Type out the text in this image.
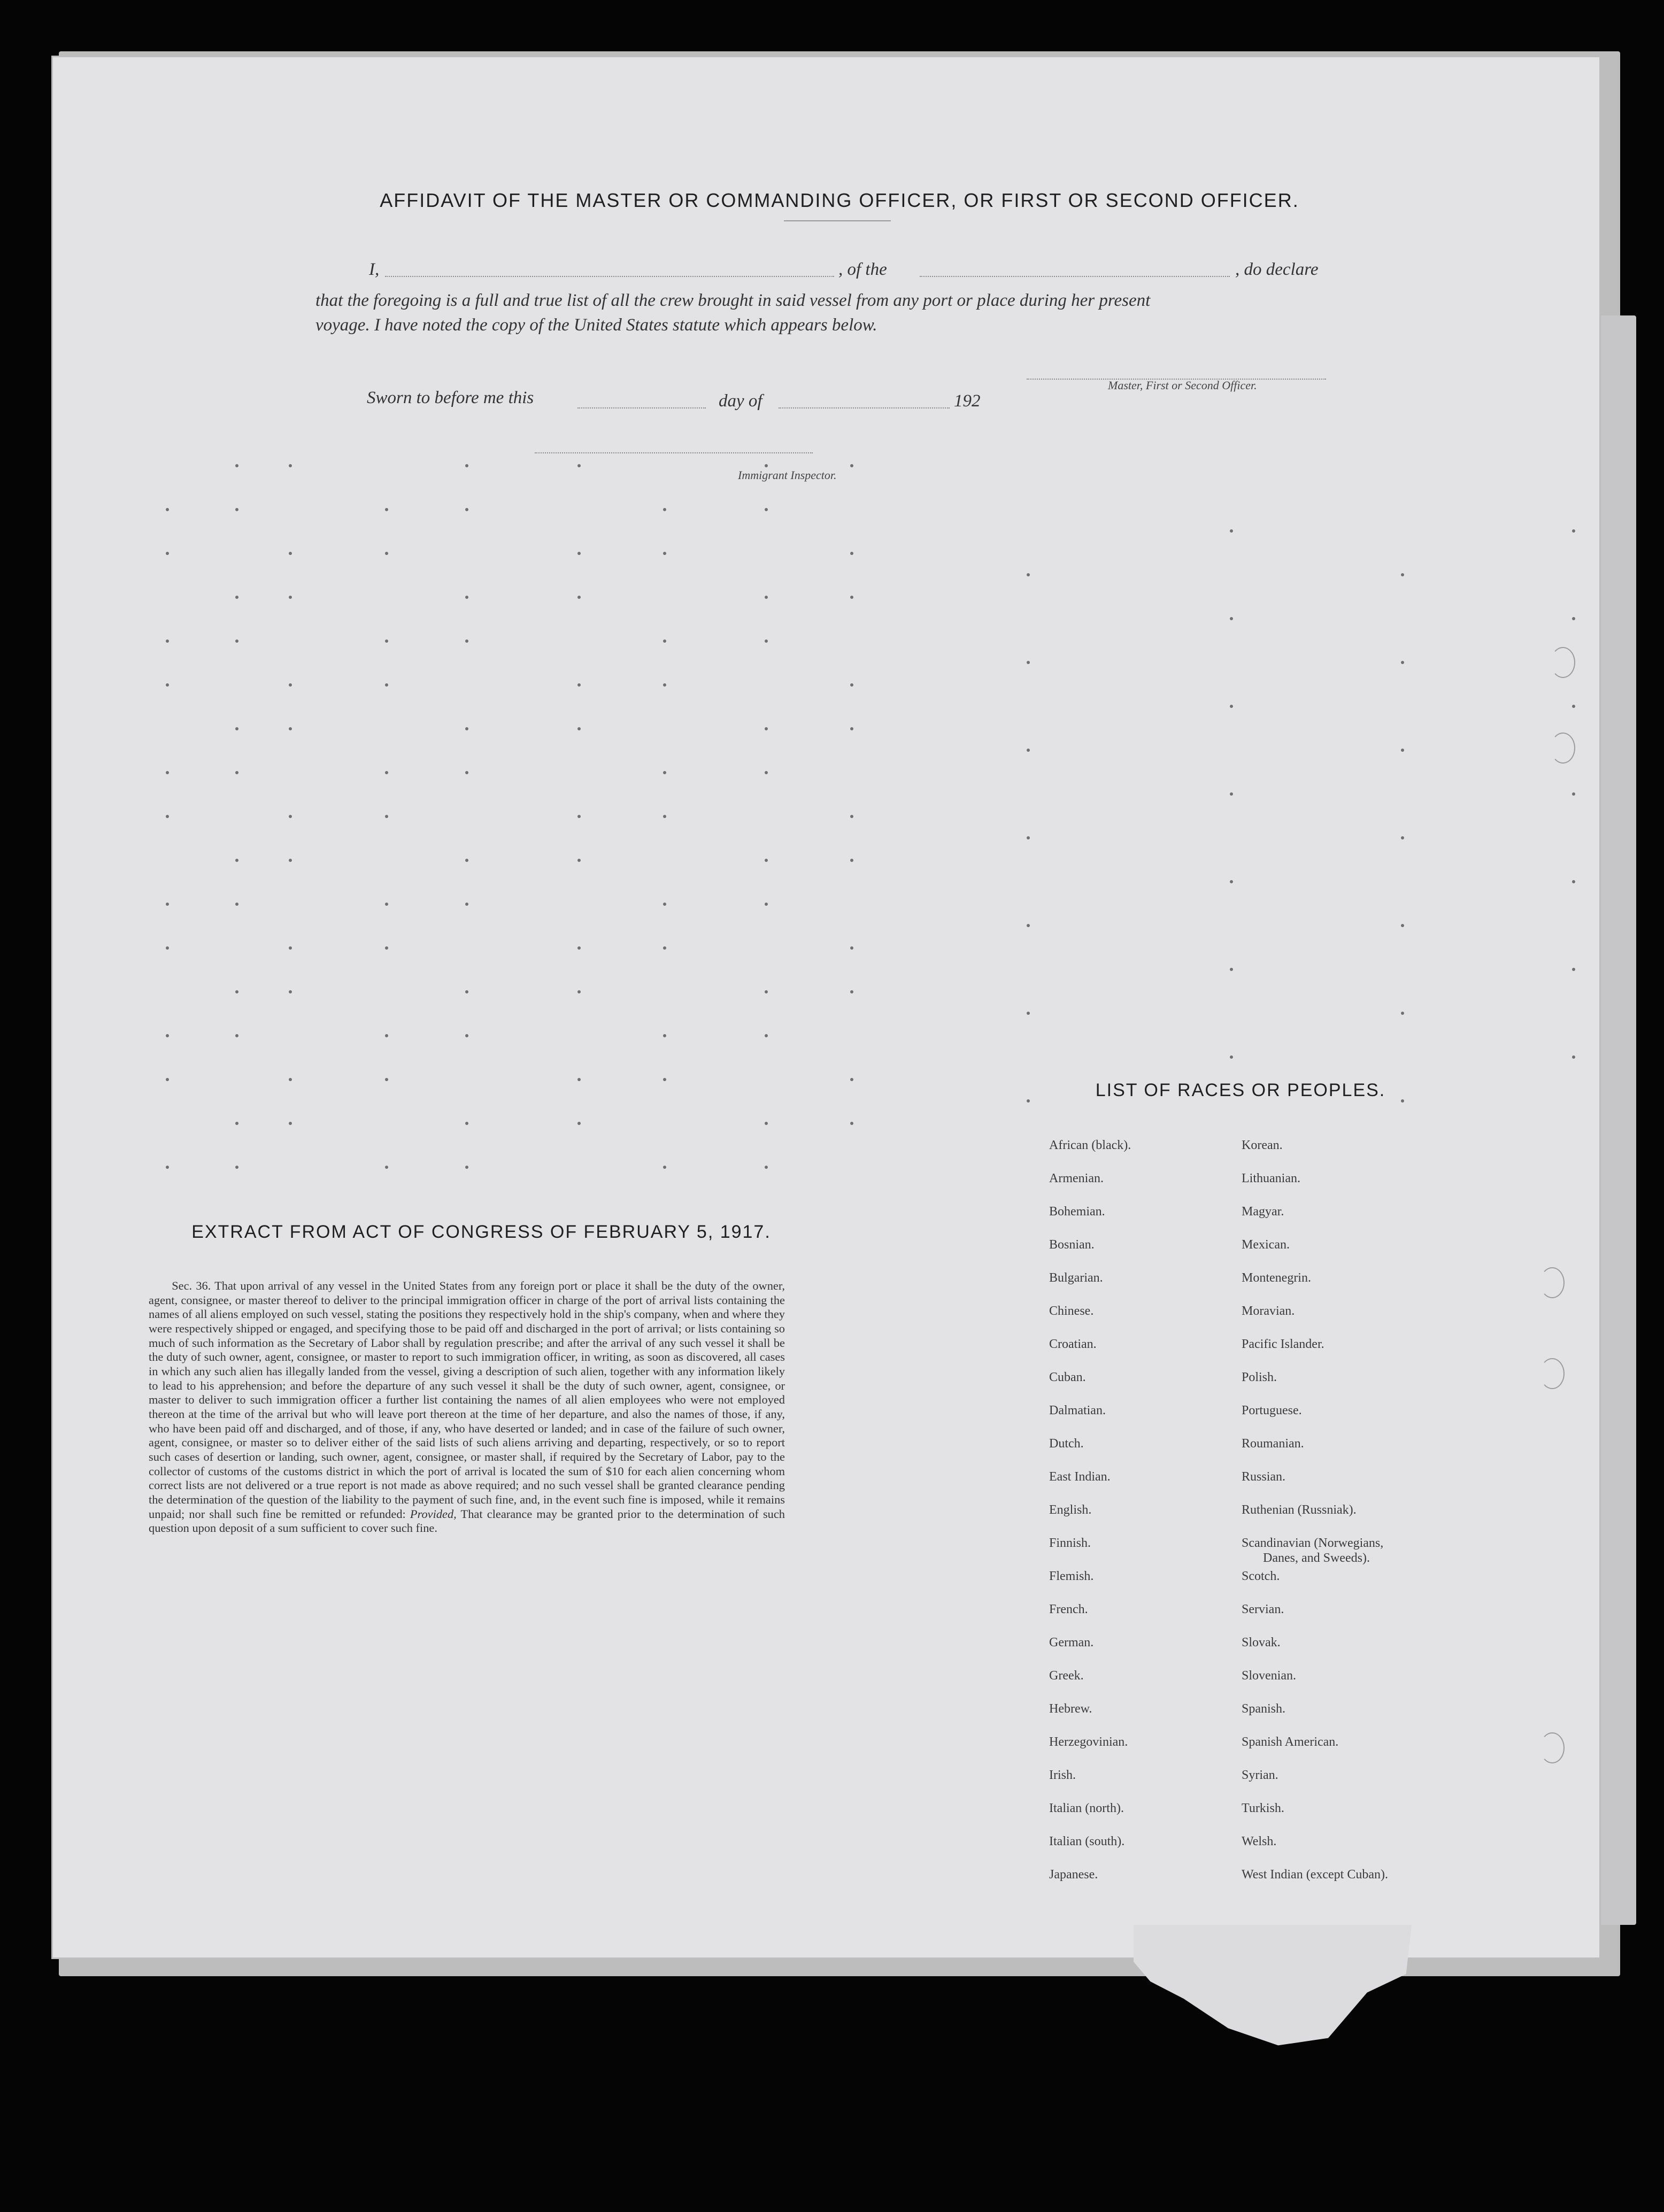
AFFIDAVIT OF THE MASTER OR COMMANDING OFFICER, OR FIRST OR SECOND OFFICER.
I,	, of the	, do declare
that the foregoing is a full and true list of all the crew brought in said vessel from any port or place during her present
voyage. I have noted the copy of the United States statute which appears below.
Master, First or Second Officer.
Sworn to before me this	day of	192
Immigrant Inspector.
EXTRACT FROM ACT OF CONGRESS OF FEBRUARY 5, 1917.
Sec. 36. That upon arrival of any vessel in the United States from any foreign port or place it shall be the duty of the owner, agent, consignee, or master thereof to deliver to the principal immigration officer in charge of the port of arrival lists containing the names of all aliens employed on such vessel, stating the positions they respectively hold in the ship's company, when and where they were respectively shipped or engaged, and specifying those to be paid off and discharged in the port of arrival; or lists containing so much of such information as the Secretary of Labor shall by regulation prescribe; and after the arrival of any such vessel it shall be the duty of such owner, agent, consignee, or master to report to such immigration officer, in writing, as soon as discovered, all cases in which any such alien has illegally landed from the vessel, giving a description of such alien, together with any information likely to lead to his apprehension; and before the departure of any such vessel it shall be the duty of such owner, agent, consignee, or master to deliver to such immigration officer a further list containing the names of all alien employees who were not employed thereon at the time of the arrival but who will leave port thereon at the time of her departure, and also the names of those, if any, who have been paid off and discharged, and of those, if any, who have deserted or landed; and in case of the failure of such owner, agent, consignee, or master so to deliver either of the said lists of such aliens arriving and departing, respectively, or so to report such cases of desertion or landing, such owner, agent, consignee, or master shall, if required by the Secretary of Labor, pay to the collector of customs of the customs district in which the port of arrival is located the sum of $10 for each alien concerning whom correct lists are not delivered or a true report is not made as above required; and no such vessel shall be granted clearance pending the determination of the question of the liability to the payment of such fine, and, in the event such fine is imposed, while it remains unpaid; nor shall such fine be remitted or refunded: Provided, That clearance may be granted prior to the determination of such question upon deposit of a sum sufficient to cover such fine.
LIST OF RACES OR PEOPLES.
African (black).
Armenian.
Bohemian.
Bosnian.
Bulgarian.
Chinese.
Croatian.
Cuban.
Dalmatian.
Dutch.
East Indian.
English.
Finnish.
Flemish.
French.
German.
Greek.
Hebrew.
Herzegovinian.
Irish.
Italian (north).
Italian (south).
Japanese.
Korean.
Lithuanian.
Magyar.
Mexican.
Montenegrin.
Moravian.
Pacific Islander.
Polish.
Portuguese.
Roumanian.
Russian.
Ruthenian (Russniak).
Scandinavian (Norwegians,
Danes, and Sweeds).
Scotch.
Servian.
Slovak.
Slovenian.
Spanish.
Spanish American.
Syrian.
Turkish.
Welsh.
West Indian (except Cuban).
